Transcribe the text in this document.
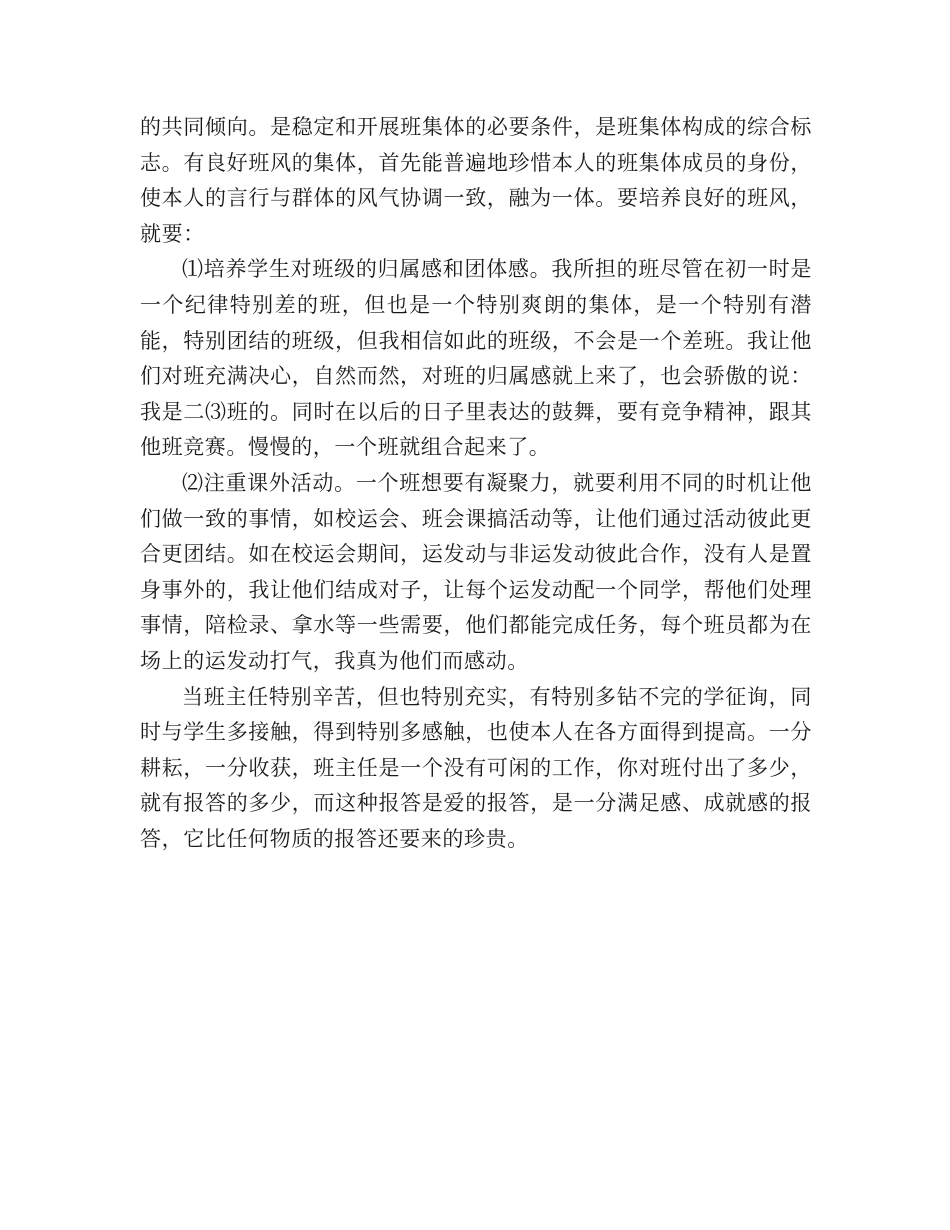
的共同倾向。是稳定和开展班集体的必要条件，是班集体构成的综合标志。有良好班风的集体，首先能普遍地珍惜本人的班集体成员的身份，使本人的言行与群体的风气协调一致，融为一体。要培养良好的班风，就要：

⑴培养学生对班级的归属感和团体感。我所担的班尽管在初一时是一个纪律特别差的班，但也是一个特别爽朗的集体，是一个特别有潜能，特别团结的班级，但我相信如此的班级，不会是一个差班。我让他们对班充满决心，自然而然，对班的归属感就上来了，也会骄傲的说：我是二⑶班的。同时在以后的日子里表达的鼓舞，要有竞争精神，跟其他班竞赛。慢慢的，一个班就组合起来了。

⑵注重课外活动。一个班想要有凝聚力，就要利用不同的时机让他们做一致的事情，如校运会、班会课搞活动等，让他们通过活动彼此更合更团结。如在校运会期间，运发动与非运发动彼此合作，没有人是置身事外的，我让他们结成对子，让每个运发动配一个同学，帮他们处理事情，陪检录、拿水等一些需要，他们都能完成任务，每个班员都为在场上的运发动打气，我真为他们而感动。

当班主任特别辛苦，但也特别充实，有特别多钻不完的学征询，同时与学生多接触，得到特别多感触，也使本人在各方面得到提高。一分耕耘，一分收获，班主任是一个没有可闲的工作，你对班付出了多少，就有报答的多少，而这种报答是爱的报答，是一分满足感、成就感的报答，它比任何物质的报答还要来的珍贵。
